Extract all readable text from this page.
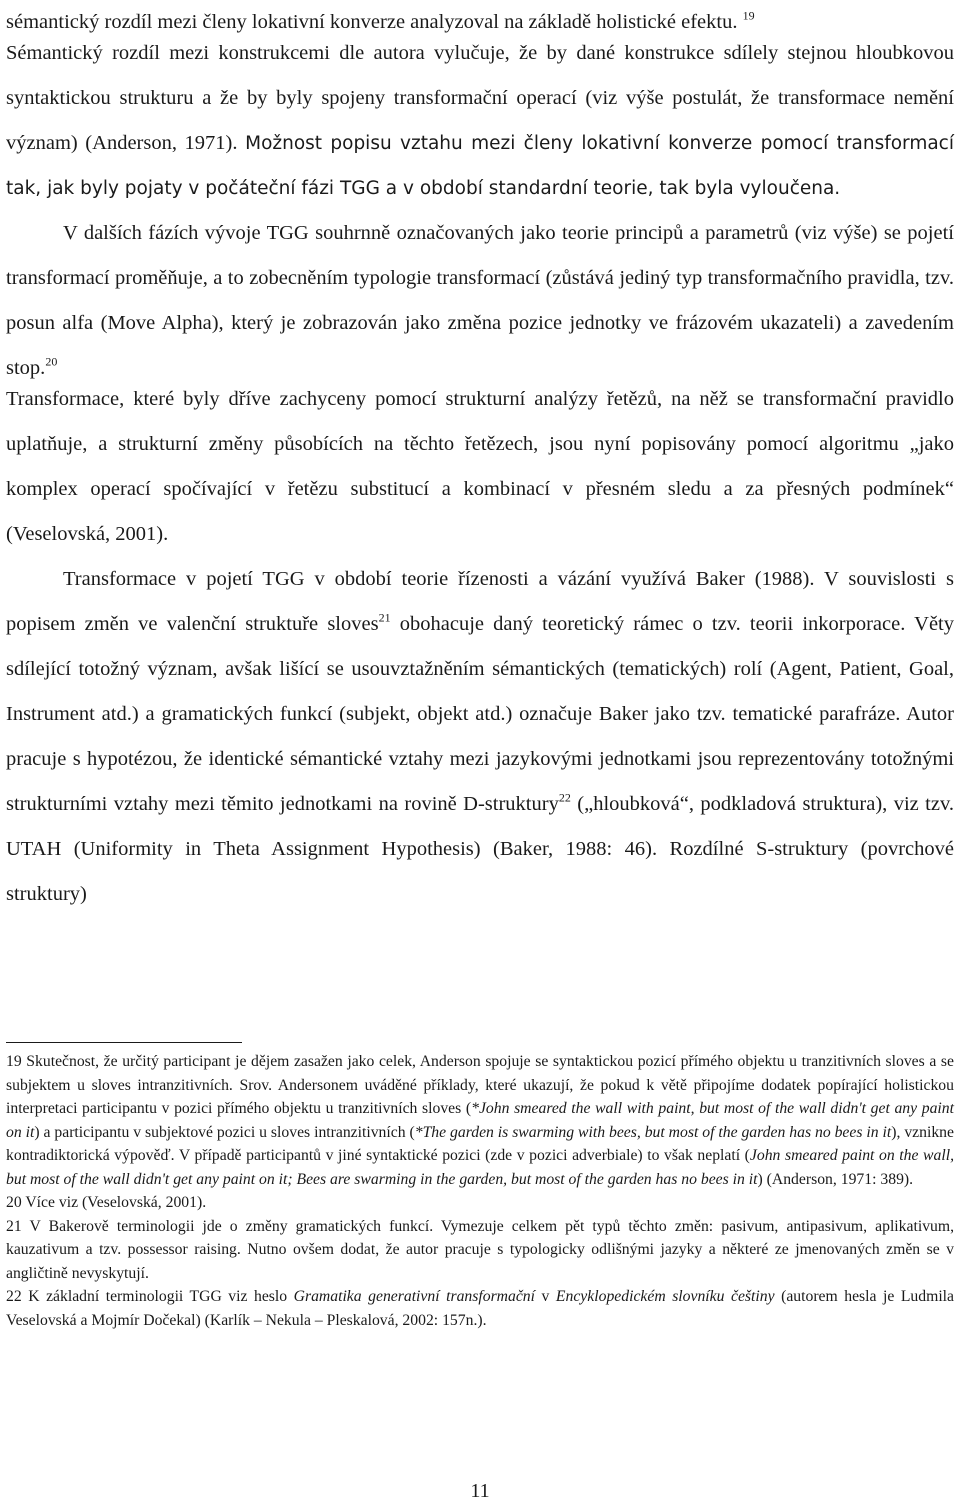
sémantický rozdíl mezi členy lokativní konverze analyzoval na základě holistické efektu. $^{19}$

Sémantický rozdíl mezi konstrukcemi dle autora vylučuje, že by dané konstrukce sdílely stejnou hloubkovou syntaktickou strukturu a že by byly spojeny transformační operací (viz výše postulát, že transformace nemění význam) (Anderson, 1971). Možnost popisu vztahu mezi členy lokativní konverze pomocí transformací tak, jak byly pojaty v počáteční fázi TGG a v období standardní teorie, tak byla vyloučena.

V dalších fázích vývoje TGG souhrnně označovaných jako teorie principů a parametrů (viz výše) se pojetí transformací proměňuje, a to zobecněním typologie transformací (zůstává jediný typ transformačního pravidla, tzv. posun alfa (Move Alpha), který je zobrazován jako změna pozice jednotky ve frázovém ukazateli) a zavedením stop.$^{20}$

Transformace, které byly dříve zachyceny pomocí strukturní analýzy řetězů, na něž se transformační pravidlo uplatňuje, a strukturní změny působících na těchto řetězech, jsou nyní popisovány pomocí algoritmu „jako komplex operací spočívající v řetězu substitucí a kombinací v přesném sledu a za přesných podmínek“ (Veselovská, 2001).

Transformace v pojetí TGG v období teorie řízenosti a vázání využívá Baker (1988). V souvislosti s popisem změn ve valenční struktuře sloves$^{21}$ obohacuje daný teoretický rámec o tzv. teorii inkorporace. Věty sdílející totožný význam, avšak lišící se usouvztažněním sémantických (tematických) rolí (Agent, Patient, Goal, Instrument atd.) a gramatických funkcí (subjekt, objekt atd.) označuje Baker jako tzv. tematické parafráze. Autor pracuje s hypotézou, že identické sémantické vztahy mezi jazykovými jednotkami jsou reprezentovány totožnými strukturními vztahy mezi těmito jednotkami na rovině D-struktury$^{22}$ („hloubková“, podkladová struktura), viz tzv. UTAH (Uniformity in Theta Assignment Hypothesis) (Baker, 1988: 46). Rozdílné S-struktury (povrchové struktury)

19 Skutečnost, že určitý participant je dějem zasažen jako celek, Anderson spojuje se syntaktickou pozicí přímého objektu u tranzitivních sloves a se subjektem u sloves intranzitivních. Srov. Andersonem uváděné příklady, které ukazují, že pokud k větě připojíme dodatek popírající holistickou interpretaci participantu v pozici přímého objektu u tranzitivních sloves (*John smeared the wall with paint, but most of the wall didn't get any paint on it) a participantu v subjektové pozici u sloves intranzitivních (*The garden is swarming with bees, but most of the garden has no bees in it), vznikne kontradiktorická výpověď. V případě participantů v jiné syntaktické pozici (zde v pozici adverbiale) to však neplatí (John smeared paint on the wall, but most of the wall didn't get any paint on it; Bees are swarming in the garden, but most of the garden has no bees in it) (Anderson, 1971: 389).

20 Více viz (Veselovská, 2001).

21 V Bakerově terminologii jde o změny gramatických funkcí. Vymezuje celkem pět typů těchto změn: pasivum, antipasivum, aplikativum, kauzativum a tzv. possessor raising. Nutno ovšem dodat, že autor pracuje s typologicky odlišnými jazyky a některé ze jmenovaných změn se v angličtině nevyskytují.

22 K základní terminologii TGG viz heslo Gramatika generativní transformační v Encyklopedickém slovníku češtiny (autorem hesla je Ludmila Veselovská a Mojmír Dočekal) (Karlík – Nekula – Pleskalová, 2002: 157n.).

11
